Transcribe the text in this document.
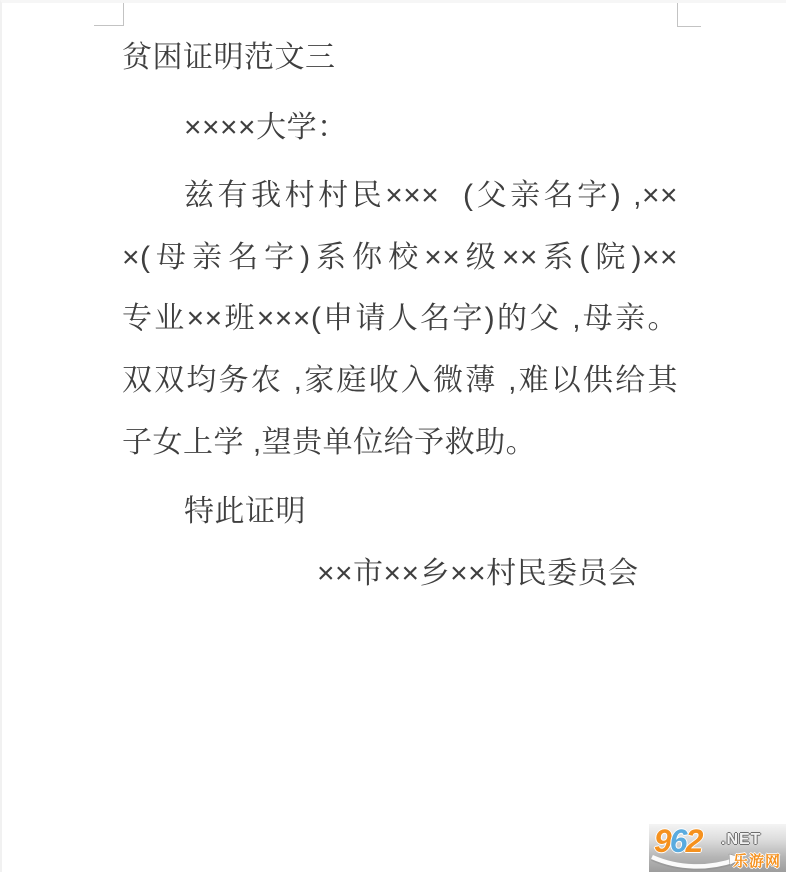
贫困证明范文三
××××大学：
兹有我村村民×××  (父亲名字) ,××
×(母亲名字)系你校××级××系(院)××
专业××班×××(申请人名字)的父 ,母亲。
双双均务农 ,家庭收入微薄 ,难以供给其
子女上学 ,望贵单位给予救助。
特此证明
××市××乡××村民委员会
962 .NET
乐游网
